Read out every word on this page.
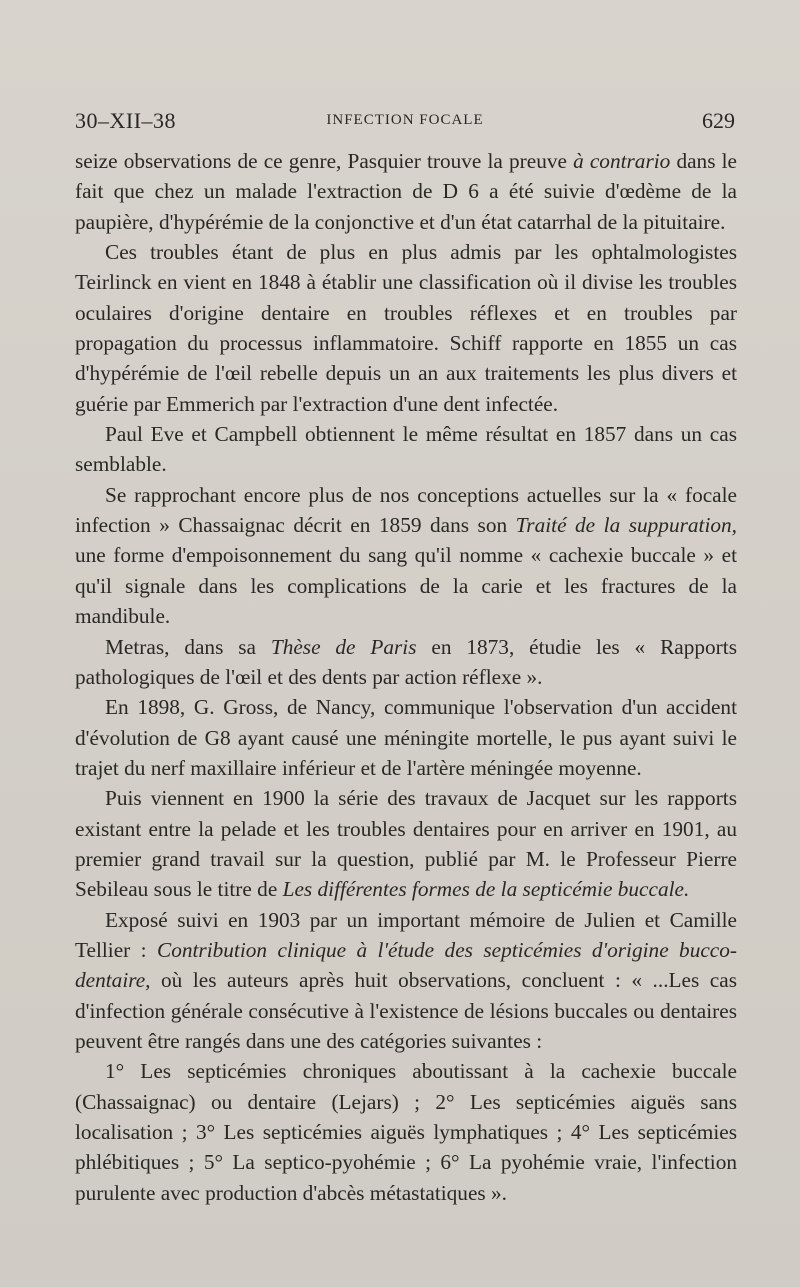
30–XII–38	INFECTION FOCALE	629

seize observations de ce genre, Pasquier trouve la preuve à contrario dans le fait que chez un malade l'extraction de D 6 a été suivie d'œdème de la paupière, d'hypérémie de la conjonctive et d'un état catarrhal de la pituitaire.

Ces troubles étant de plus en plus admis par les ophtalmologistes Teirlinck en vient en 1848 à établir une classification où il divise les troubles oculaires d'origine dentaire en troubles réflexes et en troubles par propagation du processus inflammatoire. Schiff rapporte en 1855 un cas d'hypérémie de l'œil rebelle depuis un an aux traitements les plus divers et guérie par Emmerich par l'extraction d'une dent infectée.

Paul Eve et Campbell obtiennent le même résultat en 1857 dans un cas semblable.

Se rapprochant encore plus de nos conceptions actuelles sur la « focale infection » Chassaignac décrit en 1859 dans son Traité de la suppuration, une forme d'empoisonnement du sang qu'il nomme « cachexie buccale » et qu'il signale dans les complications de la carie et les fractures de la mandibule.

Metras, dans sa Thèse de Paris en 1873, étudie les « Rapports pathologiques de l'œil et des dents par action réflexe ».

En 1898, G. Gross, de Nancy, communique l'observation d'un accident d'évolution de G8 ayant causé une méningite mortelle, le pus ayant suivi le trajet du nerf maxillaire inférieur et de l'artère méningée moyenne.

Puis viennent en 1900 la série des travaux de Jacquet sur les rapports existant entre la pelade et les troubles dentaires pour en arriver en 1901, au premier grand travail sur la question, publié par M. le Professeur Pierre Sebileau sous le titre de Les différentes formes de la septicémie buccale.

Exposé suivi en 1903 par un important mémoire de Julien et Camille Tellier : Contribution clinique à l'étude des septicémies d'origine bucco-dentaire, où les auteurs après huit observations, concluent : « ...Les cas d'infection générale consécutive à l'existence de lésions buccales ou dentaires peuvent être rangés dans une des catégories suivantes :

1° Les septicémies chroniques aboutissant à la cachexie buccale (Chassaignac) ou dentaire (Lejars) ; 2° Les septicémies aiguës sans localisation ; 3° Les septicémies aiguës lymphatiques ; 4° Les septicémies phlébitiques ; 5° La septico-pyohémie ; 6° La pyohémie vraie, l'infection purulente avec production d'abcès métastatiques ».
